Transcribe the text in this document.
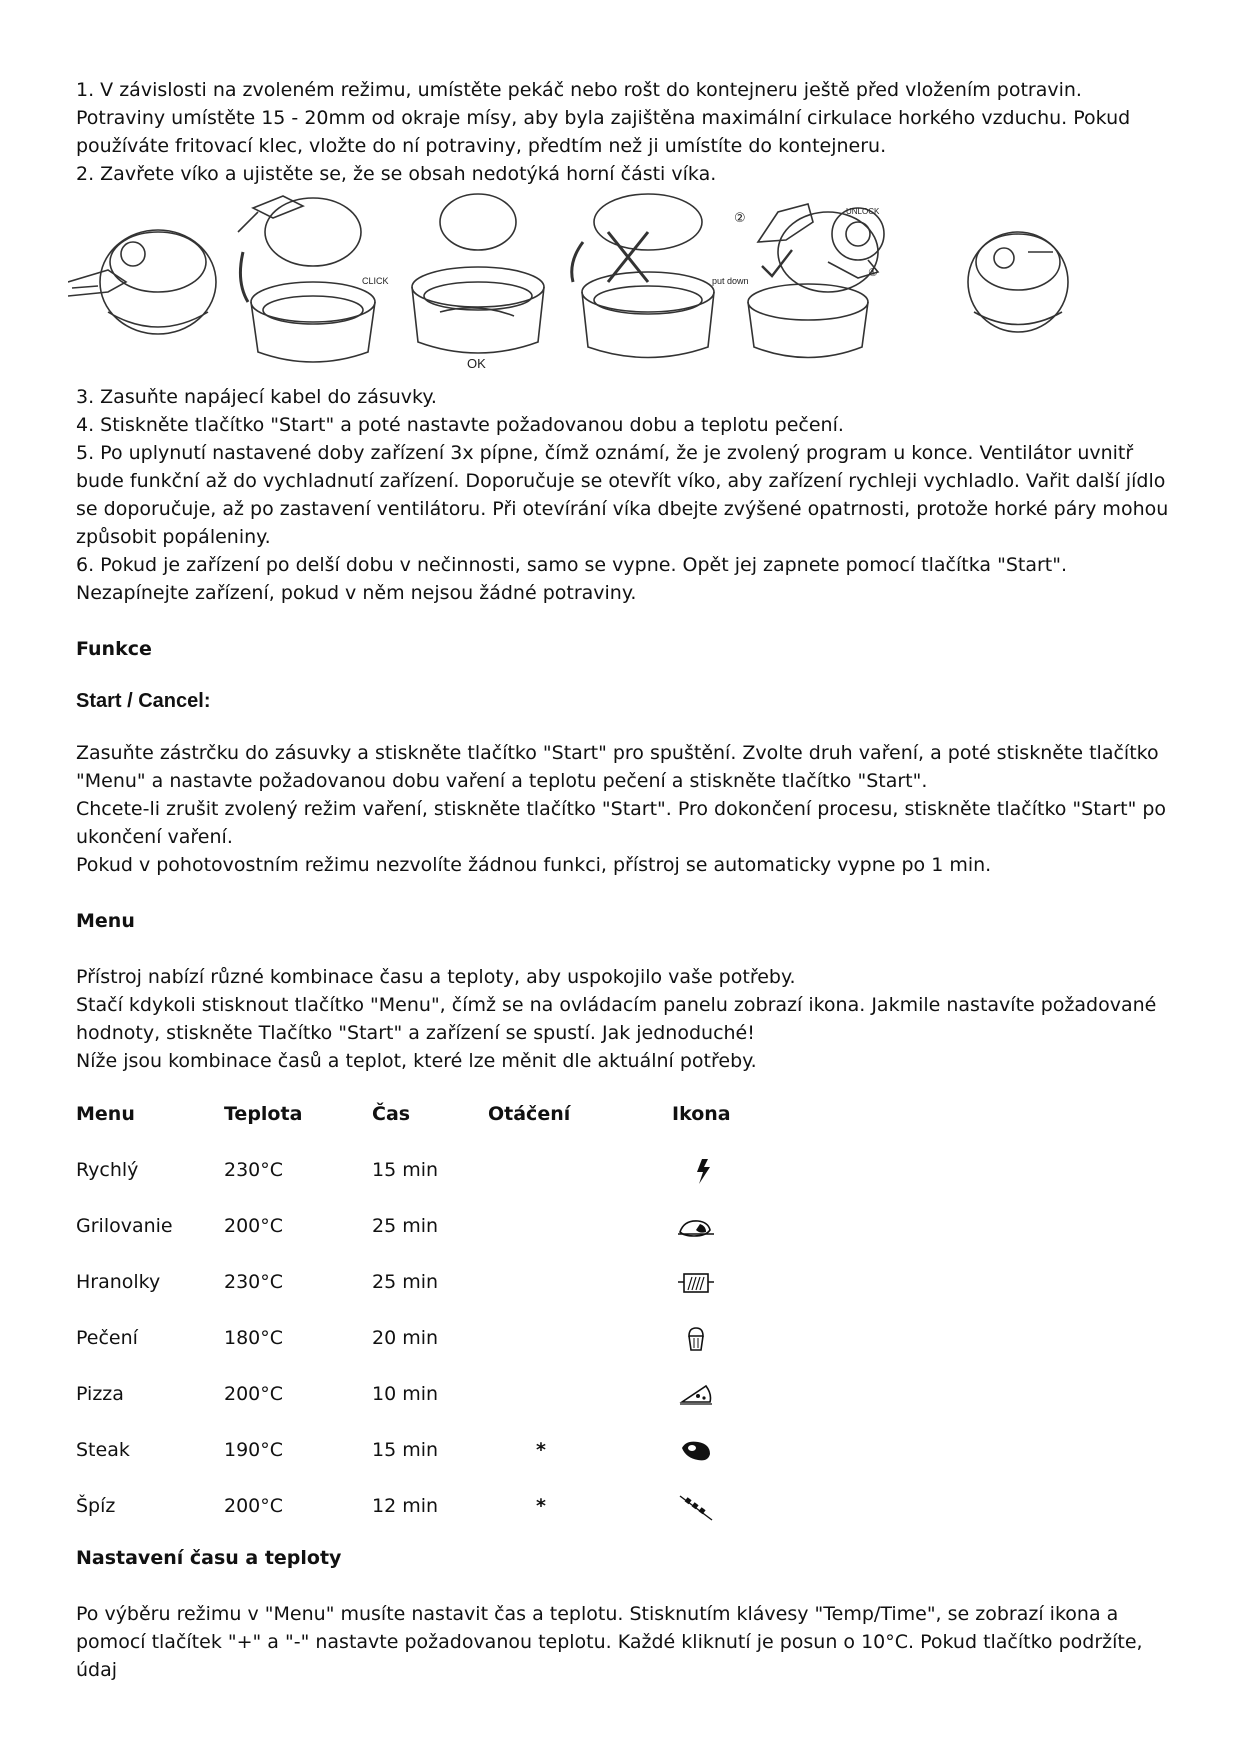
1. V závislosti na zvoleném režimu, umístěte pekáč nebo rošt do kontejneru ještě před vložením potravin. Potraviny umístěte 15 - 20mm od okraje mísy, aby byla zajištěna maximální cirkulace horkého vzduchu. Pokud používáte fritovací klec, vložte do ní potraviny, předtím než ji umístíte do kontejneru.

2. Zavřete víko a ujistěte se, že se obsah nedotýká horní části víka.

CLICK
OK
②
①
put down
UNLOCK

3. Zasuňte napájecí kabel do zásuvky.

4. Stiskněte tlačítko "Start" a poté nastavte požadovanou dobu a teplotu pečení.

5. Po uplynutí nastavené doby zařízení 3x pípne, čímž oznámí, že je zvolený program u konce. Ventilátor uvnitř bude funkční až do vychladnutí zařízení. Doporučuje se otevřít víko, aby zařízení rychleji vychladlo. Vařit další jídlo se doporučuje, až po zastavení ventilátoru. Při otevírání víka dbejte zvýšené opatrnosti, protože horké páry mohou způsobit popáleniny.

6. Pokud je zařízení po delší dobu v nečinnosti, samo se vypne. Opět jej zapnete pomocí tlačítka "Start". Nezapínejte zařízení, pokud v něm nejsou žádné potraviny.

Funkce

Start / Cancel:

Zasuňte zástrčku do zásuvky a stiskněte tlačítko "Start" pro spuštění. Zvolte druh vaření, a poté stiskněte tlačítko "Menu" a nastavte požadovanou dobu vaření a teplotu pečení a stiskněte tlačítko "Start".

Chcete-li zrušit zvolený režim vaření, stiskněte tlačítko "Start". Pro dokončení procesu, stiskněte tlačítko "Start" po ukončení vaření.

Pokud v pohotovostním režimu nezvolíte žádnou funkci, přístroj se automaticky vypne po 1 min.

Menu

Přístroj nabízí různé kombinace času a teploty, aby uspokojilo vaše potřeby.

Stačí kdykoli stisknout tlačítko "Menu", čímž se na ovládacím panelu zobrazí ikona. Jakmile nastavíte požadované hodnoty, stiskněte Tlačítko "Start" a zařízení se spustí. Jak jednoduché!

Níže jsou kombinace časů a teplot, které lze měnit dle aktuální potřeby.

Menu	Teplota	Čas	Otáčení	Ikona
Rychlý	230°C	15 min
Grilovanie	200°C	25 min
Hranolky	230°C	25 min
Pečení	180°C	20 min
Pizza	200°C	10 min
Steak	190°C	15 min	*
Špíz	200°C	12 min	*

Nastavení času a teploty

Po výběru režimu v "Menu" musíte nastavit čas a teplotu. Stisknutím klávesy "Temp/Time", se zobrazí ikona a pomocí tlačítek "+" a "-" nastavte požadovanou teplotu. Každé kliknutí je posun o 10°C. Pokud tlačítko podržíte, údaj
